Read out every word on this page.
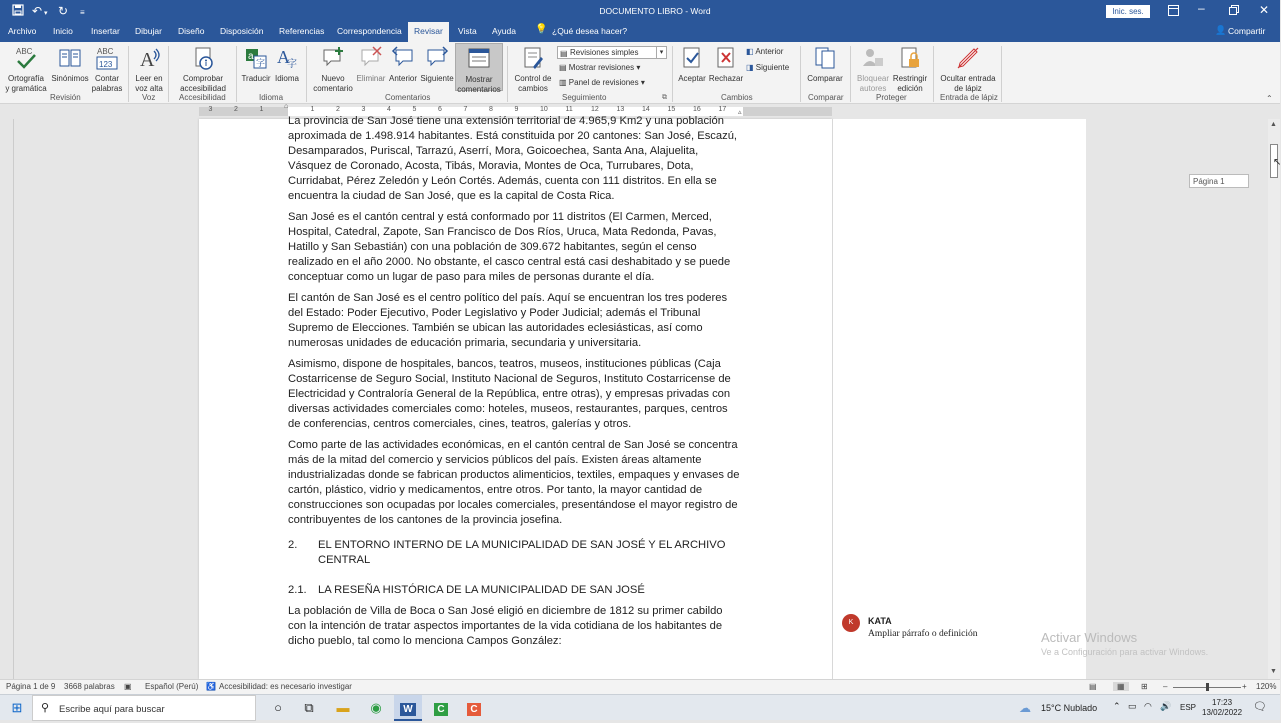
↶ ▾ ↻ ≡	DOCUMENTO LIBRO - Word	Inic. ses.	–	✕
Archivo Inicio Insertar Dibujar Diseño Disposición Referencias Correspondencia	Revisar	Vista Ayuda 💡 ¿Qué desea hacer?	👤 Compartir
ABC
Ortografía
y gramática
Sinónimos
ABC
123
Contar
palabras
Revisión
A
Leer en
voz alta
Voz
Comprobar
accesibilidad
Accesibilidad
a
字
Traducir
A
字
Idioma
Idioma
Nuevo
comentario
Eliminar Anterior Siguiente	Mostrar
comentarios
Comentarios
Control de
cambios
▤ Revisiones simples	▾
▤ Mostrar revisiones ▾
▥ Panel de revisiones ▾
Seguimiento	⧉
Aceptar Rechazar
◧ Anterior
◨ Siguiente
Cambios
Comparar
Comparar
Bloquear
autores
Restringir
edición
Proteger
Ocultar entrada
de lápiz
Entrada de lápiz	⌃
3	2	1	1	2	3	4	5	6	7	8	9	10	11	12	13	14	15	16	17
⌂
▵

La provincia de San José tiene una extensión territorial de 4.965,9 Km2 y una población aproximada de 1.498.914 habitantes. Está constituida por 20 cantones: San José, Escazú, Desamparados, Puriscal, Tarrazú, Aserrí, Mora, Goicoechea, Santa Ana, Alajuelita, Vásquez de Coronado, Acosta, Tibás, Moravia, Montes de Oca, Turrubares, Dota, Curridabat, Pérez Zeledón y León Cortés. Además, cuenta con 111 distritos. En ella se encuentra la ciudad de San José, que es la capital de Costa Rica.

San José es el cantón central y está conformado por 11 distritos (El Carmen, Merced, Hospital, Catedral, Zapote, San Francisco de Dos Ríos, Uruca, Mata Redonda, Pavas, Hatillo y San Sebastián) con una población de 309.672 habitantes, según el censo realizado en el año 2000. No obstante, el casco central está casi deshabitado y se puede conceptuar como un lugar de paso para miles de personas durante el día.

El cantón de San José es el centro político del país. Aquí se encuentran los tres poderes del Estado: Poder Ejecutivo, Poder Legislativo y Poder Judicial; además el Tribunal Supremo de Elecciones. También se ubican las autoridades eclesiásticas, así como numerosas unidades de educación primaria, secundaria y universitaria.

Asimismo, dispone de hospitales, bancos, teatros, museos, instituciones públicas (Caja Costarricense de Seguro Social, Instituto Nacional de Seguros, Instituto Costarricense de Electricidad y Contraloría General de la República, entre otras), y empresas privadas con diversas actividades comerciales como: hoteles, museos, restaurantes, parques, centros de conferencias, centros comerciales, cines, teatros, galerías y otros.

Como parte de las actividades económicas, en el cantón central de San José se concentra más de la mitad del comercio y servicios públicos del país. Existen áreas altamente industrializadas donde se fabrican productos alimenticios, textiles, empaques y envases de cartón, plástico, vidrio y medicamentos, entre otros. Por tanto, la mayor cantidad de construcciones son ocupadas por locales comerciales, presentándose el mayor registro de contribuyentes de los cantones de la provincia josefina.

2.	EL ENTORNO INTERNO DE LA MUNICIPALIDAD DE SAN JOSÉ Y EL ARCHIVO CENTRAL
2.1.	LA RESEÑA HISTÓRICA DE LA MUNICIPALIDAD DE SAN JOSÉ

La población de Villa de Boca o San José eligió en diciembre de 1812 su primer cabildo con la intención de tratar aspectos importantes de la vida cotidiana de los habitantes de dicho pueblo, tal como lo menciona Campos González:

K	KATA
Ampliar párrafo o definición
Página 1
Activar Windows
Ve a Configuración para activar Windows.
▲
▼
↖
Página 1 de 9 3668 palabras ▣ Español (Perú) ♿ Accesibilidad: es necesario investigar	▤	▦	⊞ –	+ 120%
⊞	⚲ Escribe aquí para buscar	○	⧉	▬	◉	W	C	C	☁ 15°C Nublado ⌃ ▭ ◠ 🔊 ESP
17:23
13/02/2022 🗨
